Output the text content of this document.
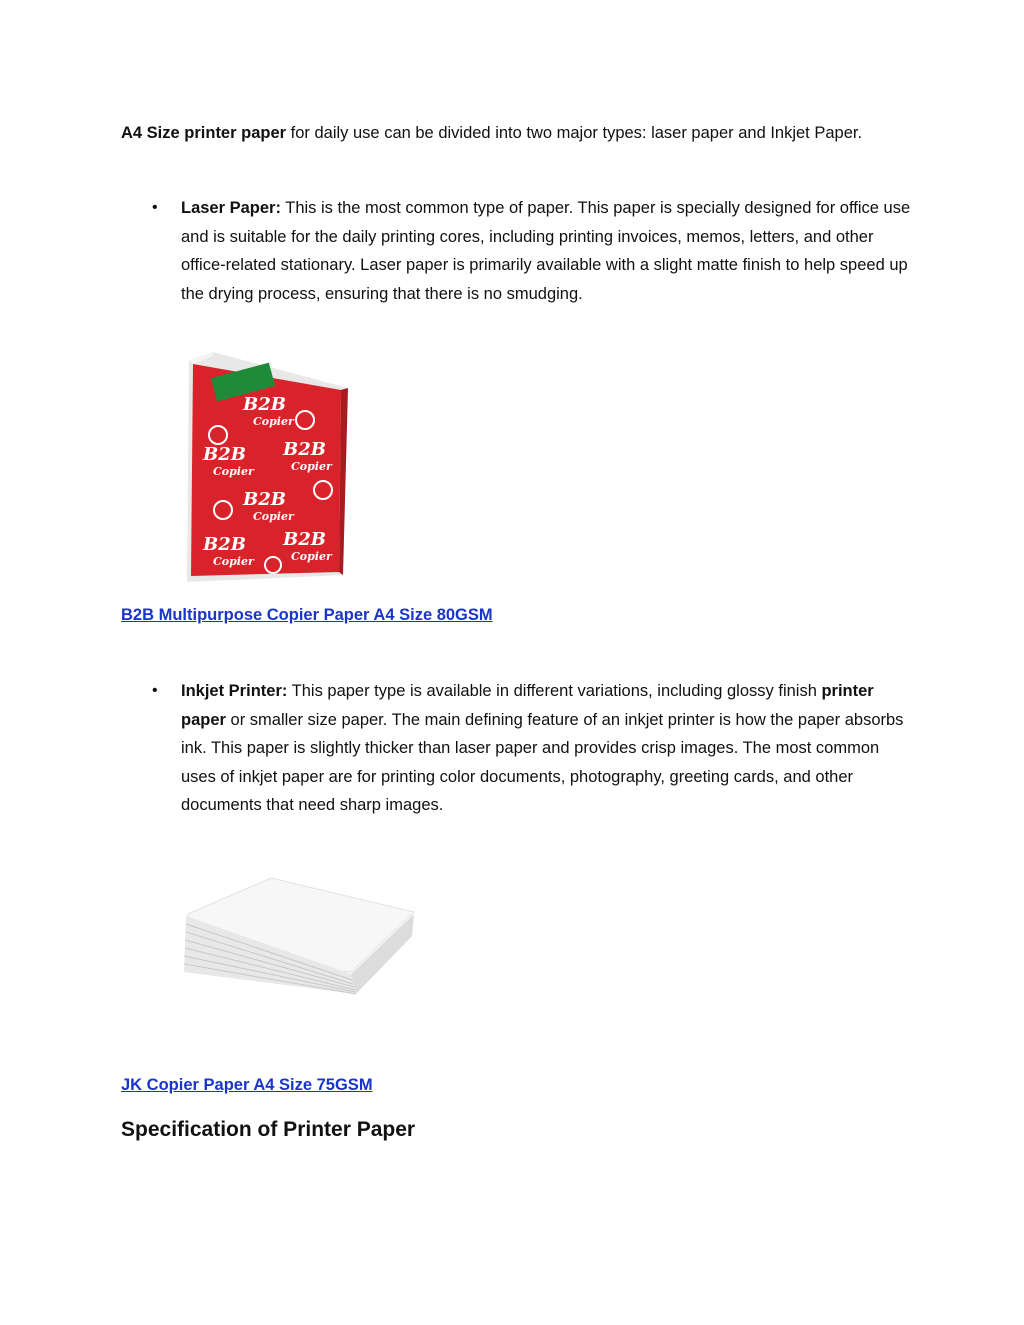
A4 Size printer paper for daily use can be divided into two major types: laser paper and Inkjet Paper.
• Laser Paper: This is the most common type of paper. This paper is specially designed for office use and is suitable for the daily printing cores, including printing invoices, memos, letters, and other office-related stationary. Laser paper is primarily available with a slight matte finish to help speed up the drying process, ensuring that there is no smudging.
B2B
Copier
B2B
Copier
B2B
Copier
B2B
Copier
B2B
Copier
B2B
Copier
B2B Multipurpose Copier Paper A4 Size 80GSM
• Inkjet Printer: This paper type is available in different variations, including glossy finish printer paper or smaller size paper. The main defining feature of an inkjet printer is how the paper absorbs ink. This paper is slightly thicker than laser paper and provides crisp images. The most common uses of inkjet paper are for printing color documents, photography, greeting cards, and other documents that need sharp images.
JK Copier Paper A4 Size 75GSM
Specification of Printer Paper
